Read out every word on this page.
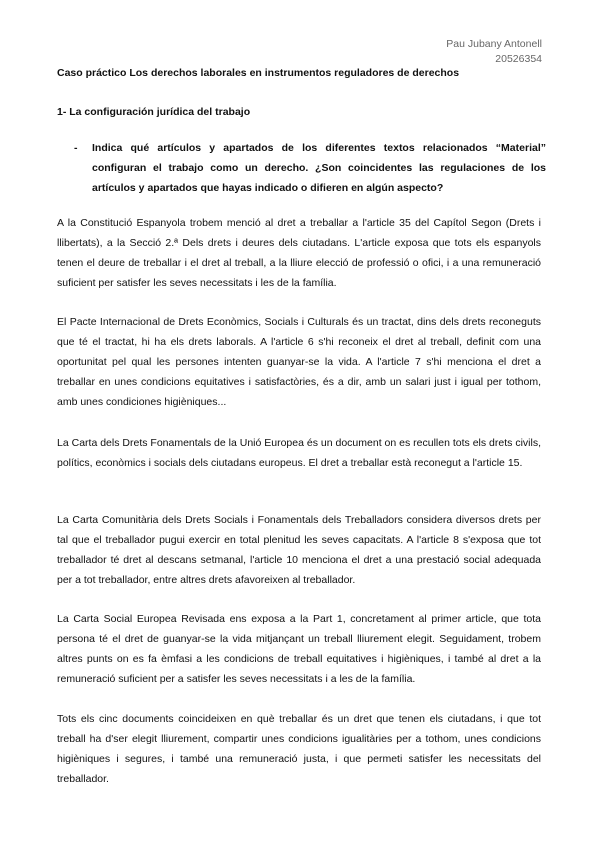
Pau Jubany Antonell
20526354
Caso práctico Los derechos laborales en instrumentos reguladores de derechos
1- La configuración jurídica del trabajo
-	Indica qué artículos y apartados de los diferentes textos relacionados “Material” configuran el trabajo como un derecho. ¿Son coincidentes las regulaciones de los artículos y apartados que hayas indicado o difieren en algún aspecto?

A la Constitució Espanyola trobem menció al dret a treballar a l'article 35 del Capítol Segon (Drets i llibertats), a la Secció 2.ª Dels drets i deures dels ciutadans. L'article exposa que tots els espanyols tenen el deure de treballar i el dret al treball, a la lliure elecció de professió o ofici, i a una remuneració suficient per satisfer les seves necessitats i les de la família.

El Pacte Internacional de Drets Econòmics, Socials i Culturals és un tractat, dins dels drets reconeguts que té el tractat, hi ha els drets laborals. A l'article 6 s'hi reconeix el dret al treball, definit com una oportunitat pel qual les persones intenten guanyar-se la vida. A l'article 7 s'hi menciona el dret a treballar en unes condicions equitatives i satisfactòries, és a dir, amb un salari just i igual per tothom, amb unes condiciones higièniques...

La Carta dels Drets Fonamentals de la Unió Europea és un document on es recullen tots els drets civils, polítics, econòmics i socials dels ciutadans europeus. El dret a treballar està reconegut a l'article 15.

La Carta Comunitària dels Drets Socials i Fonamentals dels Treballadors considera diversos drets per tal que el treballador pugui exercir en total plenitud les seves capacitats. A l'article 8 s'exposa que tot treballador té dret al descans setmanal, l'article 10 menciona el dret a una prestació social adequada per a tot treballador, entre altres drets afavoreixen al treballador.

La Carta Social Europea Revisada ens exposa a la Part 1, concretament al primer article, que tota persona té el dret de guanyar-se la vida mitjançant un treball lliurement elegit. Seguidament, trobem altres punts on es fa èmfasi a les condicions de treball equitatives i higièniques, i també al dret a la remuneració suficient per a satisfer les seves necessitats i a les de la família.

Tots els cinc documents coincideixen en què treballar és un dret que tenen els ciutadans, i que tot treball ha d'ser elegit lliurement, compartir unes condicions igualitàries per a tothom, unes condicions higièniques i segures, i també una remuneració justa, i que permeti satisfer les necessitats del treballador.
